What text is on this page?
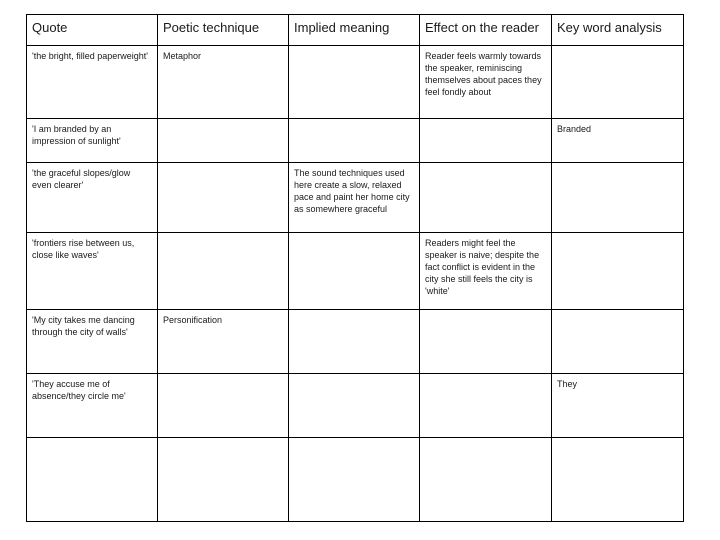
Quote	Poetic technique	Implied meaning	Effect on the reader	Key word analysis
'the bright, filled paperweight'	Metaphor		Reader feels warmly towards the speaker, reminiscing themselves about paces they feel fondly about	
'I am branded by an impression of sunlight'				Branded
'the graceful slopes/glow even clearer'		The sound techniques used here create a slow, relaxed pace and paint her home city as somewhere graceful		
'frontiers rise between us, close like waves'			Readers might feel the speaker is naive; despite the fact conflict is evident in the city she still feels the city is 'white'	
'My city takes me dancing through the city of walls'	Personification			
'They accuse me of absence/they circle me'				They
